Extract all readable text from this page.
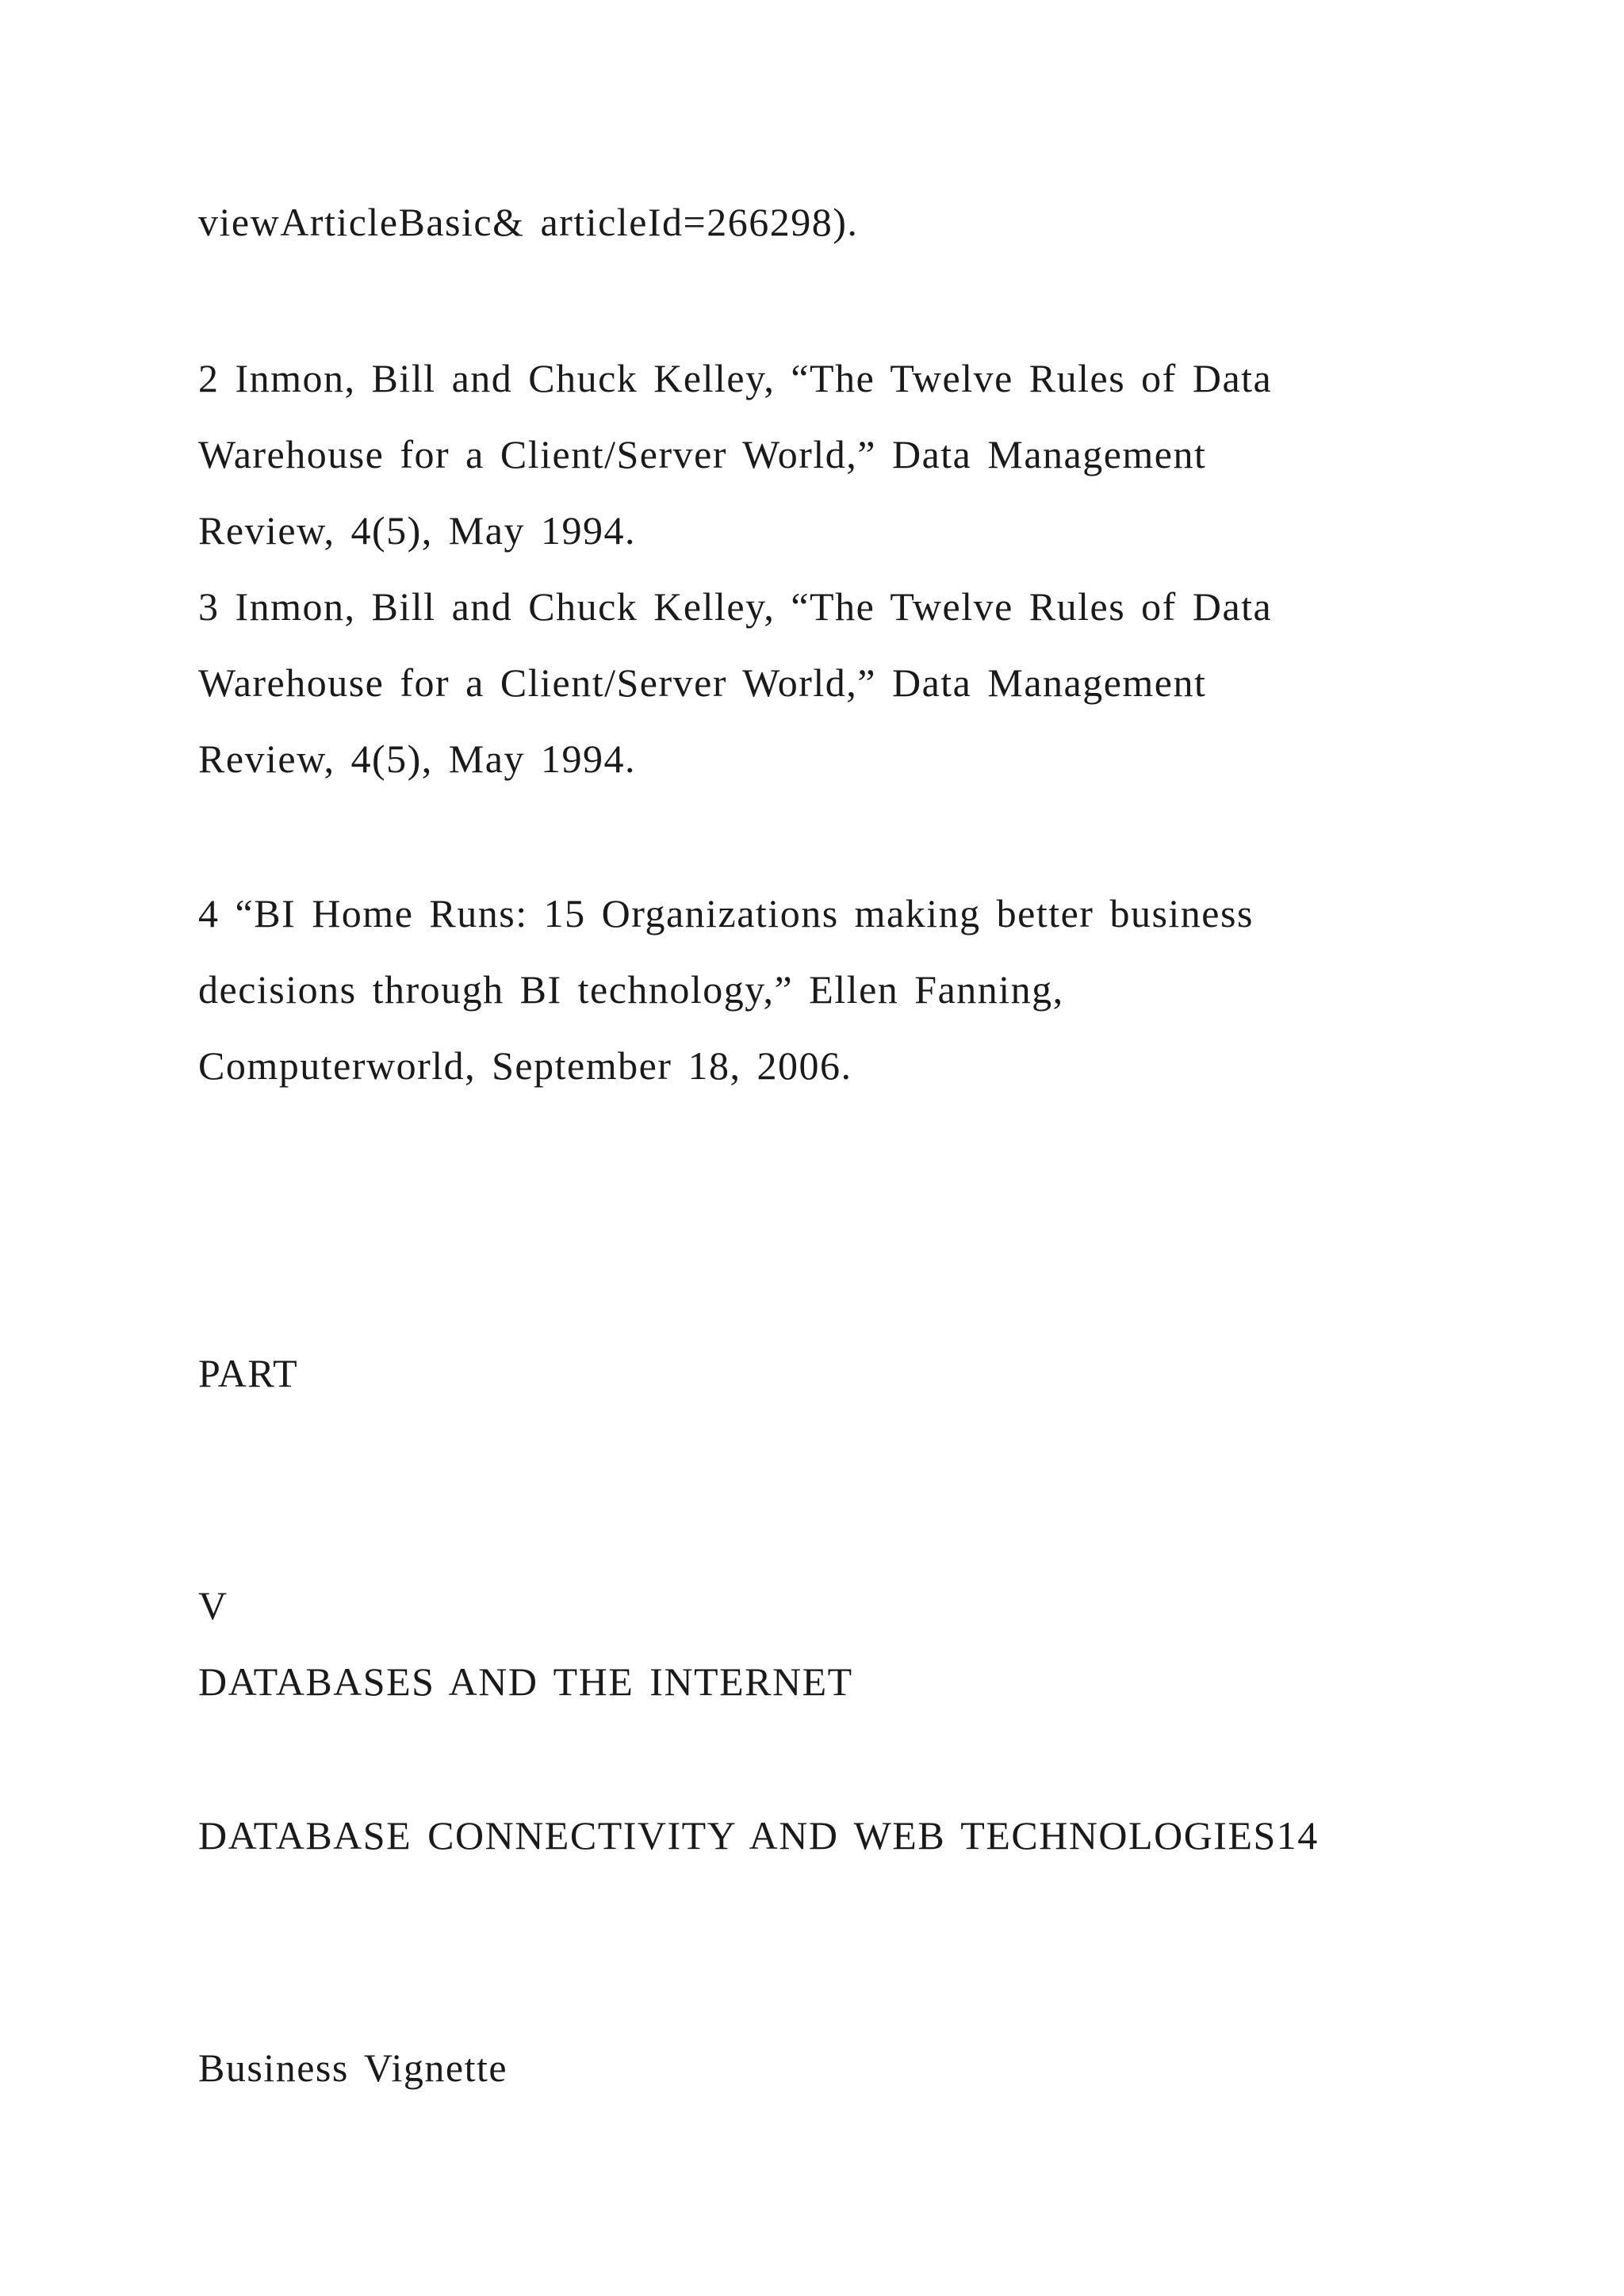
viewArticleBasic& articleId=266298).
2 Inmon, Bill and Chuck Kelley, “The Twelve Rules of Data
Warehouse for a Client/Server World,” Data Management
Review, 4(5), May 1994.
3 Inmon, Bill and Chuck Kelley, “The Twelve Rules of Data
Warehouse for a Client/Server World,” Data Management
Review, 4(5), May 1994.
4 “BI Home Runs: 15 Organizations making better business
decisions through BI technology,” Ellen Fanning,
Computerworld, September 18, 2006.
PART
V
DATABASES AND THE INTERNET
DATABASE CONNECTIVITY AND WEB TECHNOLOGIES14
Business Vignette
